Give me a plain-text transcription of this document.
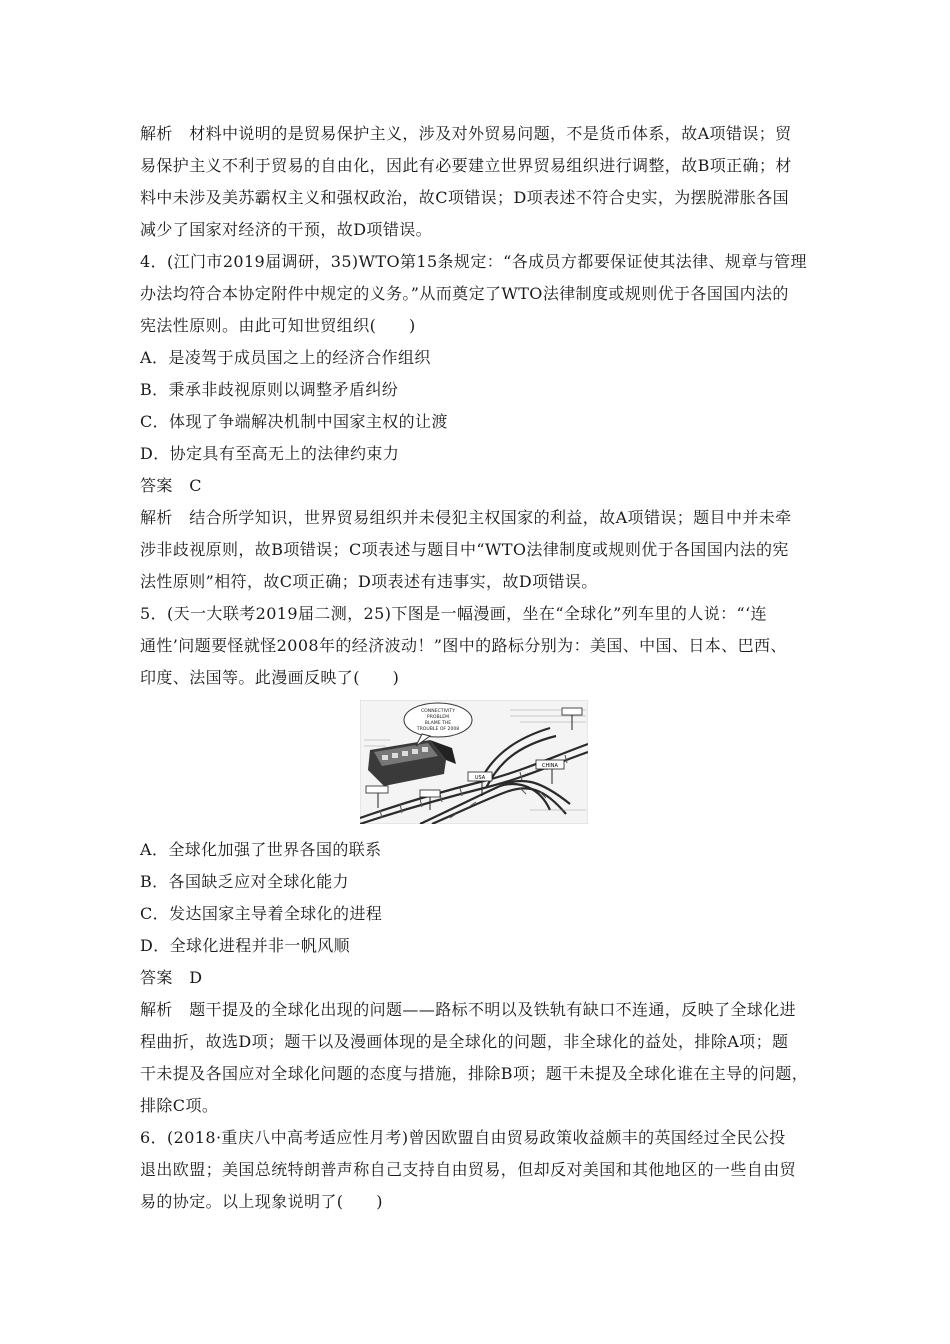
解析　材料中说明的是贸易保护主义，涉及对外贸易问题，不是货币体系，故A项错误；贸
易保护主义不利于贸易的自由化，因此有必要建立世界贸易组织进行调整，故B项正确；材
料中未涉及美苏霸权主义和强权政治，故C项错误；D项表述不符合史实，为摆脱滞胀各国
减少了国家对经济的干预，故D项错误。
4．(江门市2019届调研，35)WTO第15条规定：“各成员方都要保证使其法律、规章与管理
办法均符合本协定附件中规定的义务。”从而奠定了WTO法律制度或规则优于各国国内法的
宪法性原则。由此可知世贸组织(　　)
A．是凌驾于成员国之上的经济合作组织
B．秉承非歧视原则以调整矛盾纠纷
C．体现了争端解决机制中国家主权的让渡
D．协定具有至高无上的法律约束力
答案　C
解析　结合所学知识，世界贸易组织并未侵犯主权国家的利益，故A项错误；题目中并未牵
涉非歧视原则，故B项错误；C项表述与题目中“WTO法律制度或规则优于各国国内法的宪
法性原则”相符，故C项正确；D项表述有违事实，故D项错误。
5．(天一大联考2019届二测，25)下图是一幅漫画，坐在“全球化”列车里的人说：“‘连
通性’问题要怪就怪2008年的经济波动！”图中的路标分别为：美国、中国、日本、巴西、
印度、法国等。此漫画反映了(　　)
CONNECTIVITY
PROBLEM
BLAME THE
TROUBLE OF 2008
USA
CHINA
A．全球化加强了世界各国的联系
B．各国缺乏应对全球化能力
C．发达国家主导着全球化的进程
D．全球化进程并非一帆风顺
答案　D
解析　题干提及的全球化出现的问题——路标不明以及铁轨有缺口不连通，反映了全球化进
程曲折，故选D项；题干以及漫画体现的是全球化的问题，非全球化的益处，排除A项；题
干未提及各国应对全球化问题的态度与措施，排除B项；题干未提及全球化谁在主导的问题，
排除C项。
6．(2018·重庆八中高考适应性月考)曾因欧盟自由贸易政策收益颇丰的英国经过全民公投
退出欧盟；美国总统特朗普声称自己支持自由贸易，但却反对美国和其他地区的一些自由贸
易的协定。以上现象说明了(　　)
